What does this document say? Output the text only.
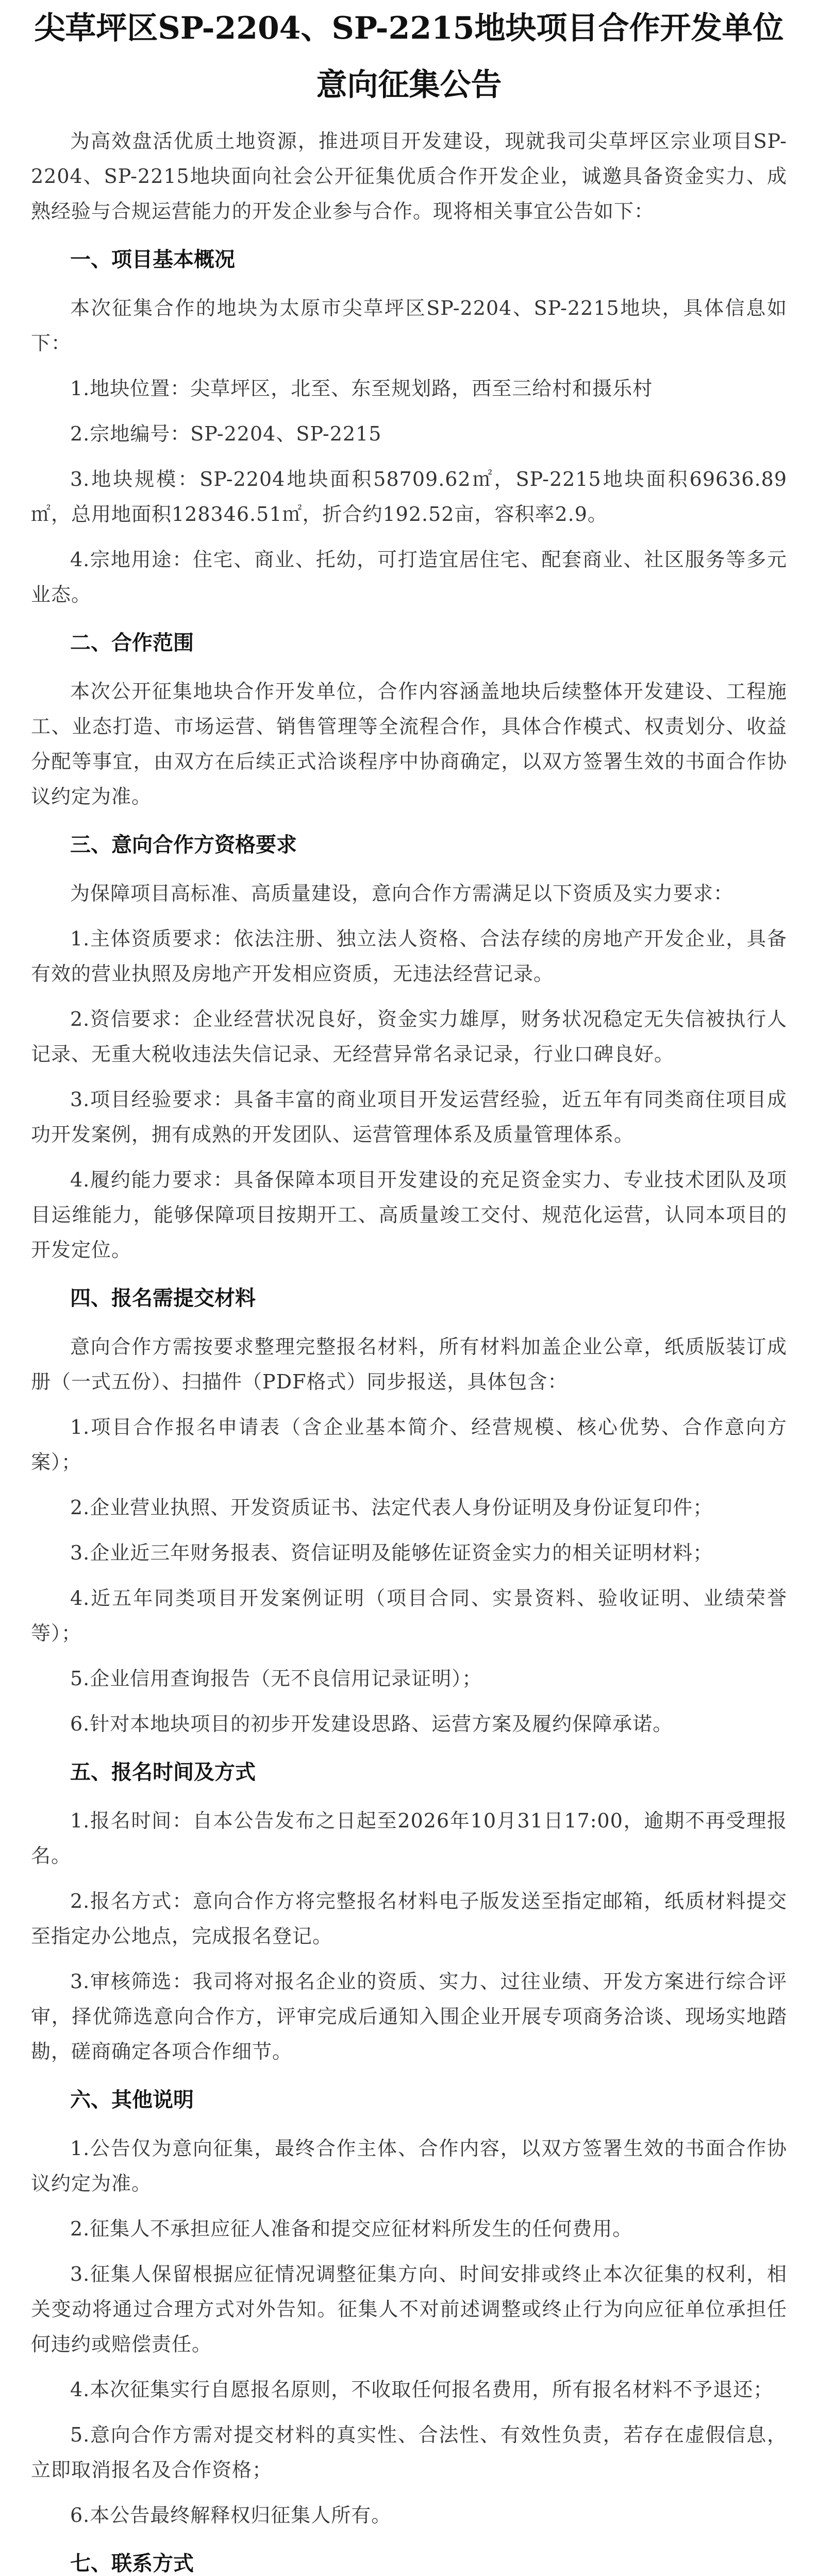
尖草坪区SP-2204、SP-2215地块项目合作开发单位意向征集公告

为高效盘活优质土地资源，推进项目开发建设，现就我司尖草坪区宗业项目SP-2204、SP-2215地块面向社会公开征集优质合作开发企业，诚邀具备资金实力、成熟经验与合规运营能力的开发企业参与合作。现将相关事宜公告如下：

一、项目基本概况

本次征集合作的地块为太原市尖草坪区SP-2204、SP-2215地块，具体信息如下：

1.地块位置：尖草坪区，北至、东至规划路，西至三给村和摄乐村

2.宗地编号：SP-2204、SP-2215

3.地块规模：SP-2204地块面积58709.62㎡，SP-2215地块面积69636.89㎡，总用地面积128346.51㎡，折合约192.52亩，容积率2.9。

4.宗地用途：住宅、商业、托幼，可打造宜居住宅、配套商业、社区服务等多元业态。

二、合作范围

本次公开征集地块合作开发单位，合作内容涵盖地块后续整体开发建设、工程施工、业态打造、市场运营、销售管理等全流程合作，具体合作模式、权责划分、收益分配等事宜，由双方在后续正式洽谈程序中协商确定，以双方签署生效的书面合作协议约定为准。

三、意向合作方资格要求

为保障项目高标准、高质量建设，意向合作方需满足以下资质及实力要求：

1.主体资质要求：依法注册、独立法人资格、合法存续的房地产开发企业，具备有效的营业执照及房地产开发相应资质，无违法经营记录。

2.资信要求：企业经营状况良好，资金实力雄厚，财务状况稳定无失信被执行人记录、无重大税收违法失信记录、无经营异常名录记录，行业口碑良好。

3.项目经验要求：具备丰富的商业项目开发运营经验，近五年有同类商住项目成功开发案例，拥有成熟的开发团队、运营管理体系及质量管理体系。

4.履约能力要求：具备保障本项目开发建设的充足资金实力、专业技术团队及项目运维能力，能够保障项目按期开工、高质量竣工交付、规范化运营，认同本项目的开发定位。

四、报名需提交材料

意向合作方需按要求整理完整报名材料，所有材料加盖企业公章，纸质版装订成册（一式五份）、扫描件（PDF格式）同步报送，具体包含：

1.项目合作报名申请表（含企业基本简介、经营规模、核心优势、合作意向方案）；

2.企业营业执照、开发资质证书、法定代表人身份证明及身份证复印件；

3.企业近三年财务报表、资信证明及能够佐证资金实力的相关证明材料；

4.近五年同类项目开发案例证明（项目合同、实景资料、验收证明、业绩荣誉等）；

5.企业信用查询报告（无不良信用记录证明）；

6.针对本地块项目的初步开发建设思路、运营方案及履约保障承诺。

五、报名时间及方式

1.报名时间：自本公告发布之日起至2026年10月31日17:00，逾期不再受理报名。

2.报名方式：意向合作方将完整报名材料电子版发送至指定邮箱，纸质材料提交至指定办公地点，完成报名登记。

3.审核筛选：我司将对报名企业的资质、实力、过往业绩、开发方案进行综合评审，择优筛选意向合作方，评审完成后通知入围企业开展专项商务洽谈、现场实地踏勘，磋商确定各项合作细节。

六、其他说明

1.公告仅为意向征集，最终合作主体、合作内容，以双方签署生效的书面合作协议约定为准。

2.征集人不承担应征人准备和提交应征材料所发生的任何费用。

3.征集人保留根据应征情况调整征集方向、时间安排或终止本次征集的权利，相关变动将通过合理方式对外告知。征集人不对前述调整或终止行为向应征单位承担任何违约或赔偿责任。

4.本次征集实行自愿报名原则，不收取任何报名费用，所有报名材料不予退还；

5.意向合作方需对提交材料的真实性、合法性、有效性负责，若存在虚假信息，立即取消报名及合作资格；

6.本公告最终解释权归征集人所有。

七、联系方式
